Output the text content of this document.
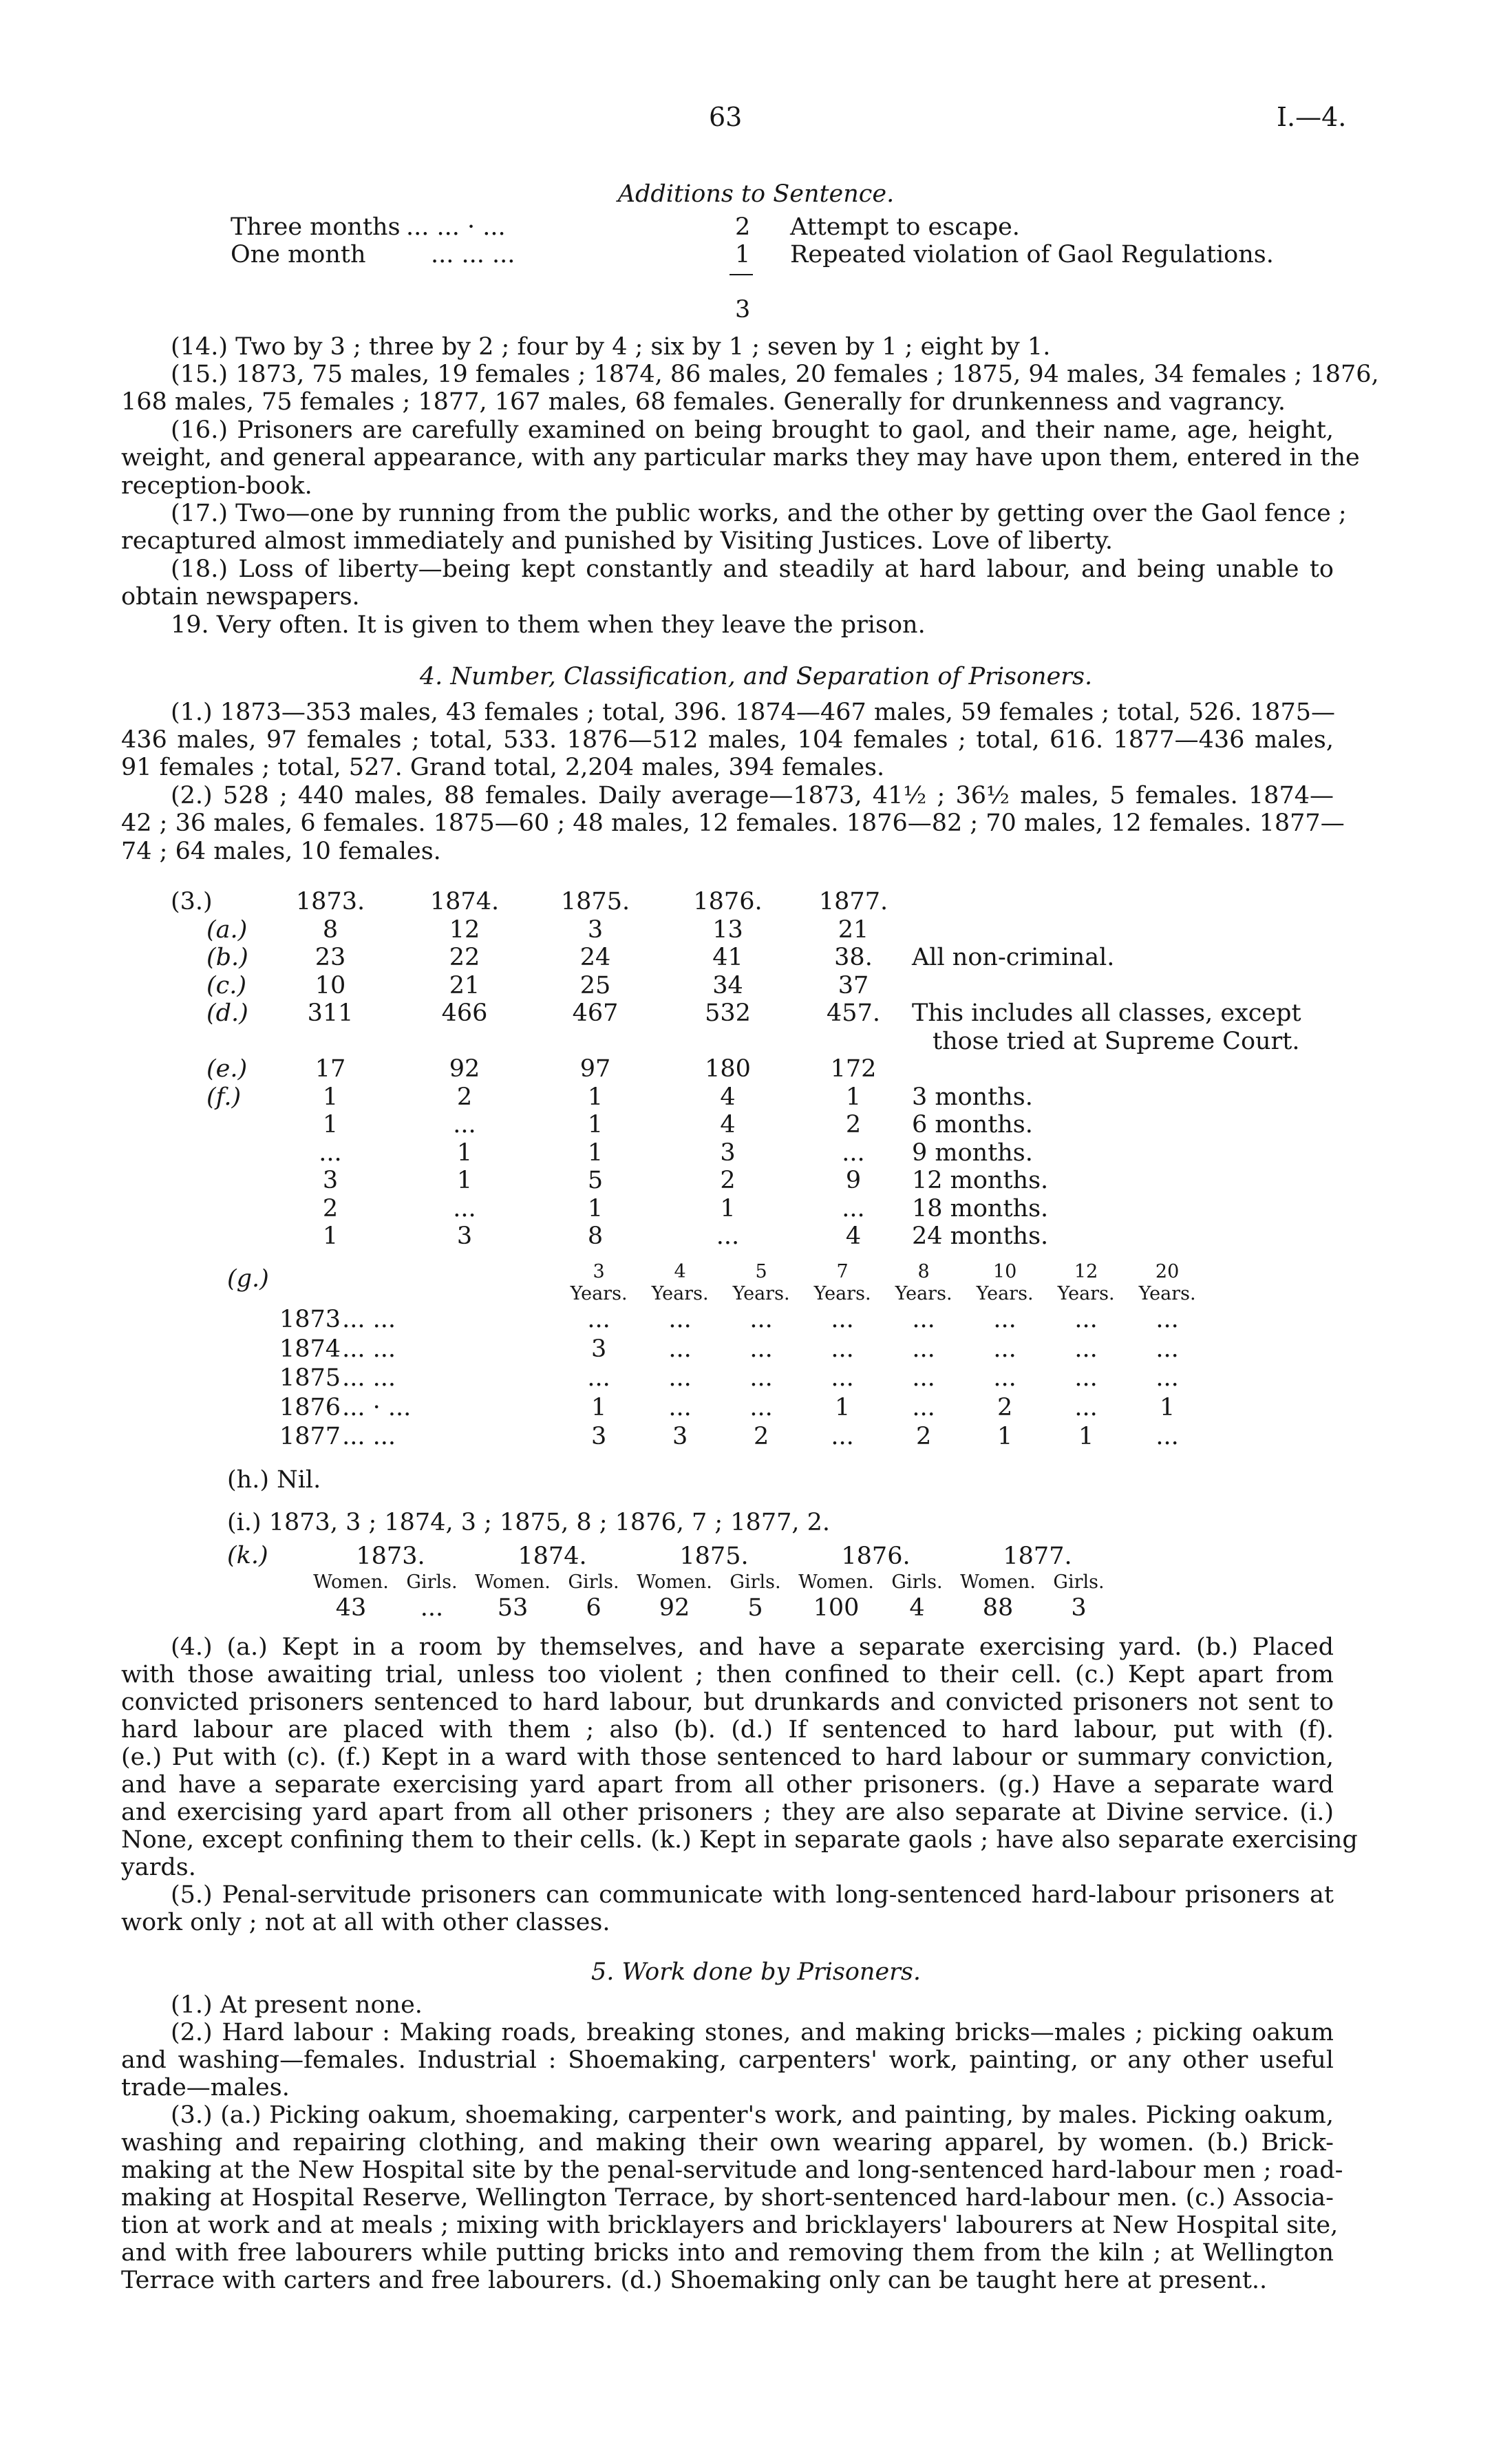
63	I.—4.
Additions to Sentence.
Three months ... ... · ...	2 Attempt to escape.
One month	... ... ...	1 Repeated violation of Gaol Regulations.
3
(14.) Two by 3 ; three by 2 ; four by 4 ; six by 1 ; seven by 1 ; eight by 1.
(15.) 1873, 75 males, 19 females ; 1874, 86 males, 20 females ; 1875, 94 males, 34 females ; 1876,
168 males, 75 females ; 1877, 167 males, 68 females. Generally for drunkenness and vagrancy.
(16.) Prisoners are carefully examined on being brought to gaol, and their name, age, height,
weight, and general appearance, with any particular marks they may have upon them, entered in the
reception-book.
(17.) Two—one by running from the public works, and the other by getting over the Gaol fence ;
recaptured almost immediately and punished by Visiting Justices. Love of liberty.
(18.) Loss of liberty—being kept constantly and steadily at hard labour, and being unable to
obtain newspapers.
19. Very often. It is given to them when they leave the prison.
4. Number, Classification, and Separation of Prisoners.
(1.) 1873—353 males, 43 females ; total, 396. 1874—467 males, 59 females ; total, 526. 1875—
436 males, 97 females ; total, 533. 1876—512 males, 104 females ; total, 616. 1877—436 males,
91 females ; total, 527. Grand total, 2,204 males, 394 females.
(2.) 528 ; 440 males, 88 females. Daily average—1873, 41½ ; 36½ males, 5 females. 1874—
42 ; 36 males, 6 females. 1875—60 ; 48 males, 12 females. 1876—82 ; 70 males, 12 females. 1877—
74 ; 64 males, 10 females.
(3.)
		1873.	1874.	1875.	1876.	1877.	
(a.)	8	12	3	13	21	
(b.)	23	22	24	41	38.	All non-criminal.
(c.)	10	21	25	34	37	
(d.)	311	466	467	532	457.	This includes all classes, except
						those tried at Supreme Court.
(e.)	17	92	97	180	172	
(f.)	1	2	1	4	1	3 months.
	1	...	1	4	2	6 months.
	...	1	1	3	...	9 months.
	3	1	5	2	9	12 months.
	2	...	1	1	...	18 months.
	1	3	8	...	4	24 months.
(g.)
			3	4	5	7	8	10	12	20
		Years.	Years.	Years.	Years.	Years.	Years.	Years.	Years.
1873	... ...	...	...	...	...	...	...	...	...
1874	... ...	3	...	...	...	...	...	...	...
1875	... ...	...	...	...	...	...	...	...	...
1876	... · ...	1	...	...	1	...	2	...	1
1877	... ...	3	3	2	...	2	1	1	...
(h.) Nil.
(i.) 1873, 3 ; 1874, 3 ; 1875, 8 ; 1876, 7 ; 1877, 2.
(k.)	1873.		1874.		1875.		1876.		1877.	
Women.	Girls.	Women.	Girls.	Women.	Girls.	Women.	Girls.	Women.	Girls.
43	...	53	6	92	5	100	4	88	3
(4.) (a.) Kept in a room by themselves, and have a separate exercising yard. (b.) Placed
with those awaiting trial, unless too violent ; then confined to their cell. (c.) Kept apart from
convicted prisoners sentenced to hard labour, but drunkards and convicted prisoners not sent to
hard labour are placed with them ; also (b). (d.) If sentenced to hard labour, put with (f).
(e.) Put with (c). (f.) Kept in a ward with those sentenced to hard labour or summary conviction,
and have a separate exercising yard apart from all other prisoners. (g.) Have a separate ward
and exercising yard apart from all other prisoners ; they are also separate at Divine service. (i.)
None, except confining them to their cells. (k.) Kept in separate gaols ; have also separate exercising
yards.
(5.) Penal-servitude prisoners can communicate with long-sentenced hard-labour prisoners at
work only ; not at all with other classes.
5. Work done by Prisoners.
(1.) At present none.
(2.) Hard labour : Making roads, breaking stones, and making bricks—males ; picking oakum
and washing—females. Industrial : Shoemaking, carpenters' work, painting, or any other useful
trade—males.
(3.) (a.) Picking oakum, shoemaking, carpenter's work, and painting, by males. Picking oakum,
washing and repairing clothing, and making their own wearing apparel, by women. (b.) Brick-
making at the New Hospital site by the penal-servitude and long-sentenced hard-labour men ; road-
making at Hospital Reserve, Wellington Terrace, by short-sentenced hard-labour men. (c.) Associa-
tion at work and at meals ; mixing with bricklayers and bricklayers' labourers at New Hospital site,
and with free labourers while putting bricks into and removing them from the kiln ; at Wellington
Terrace with carters and free labourers. (d.) Shoemaking only can be taught here at present..
